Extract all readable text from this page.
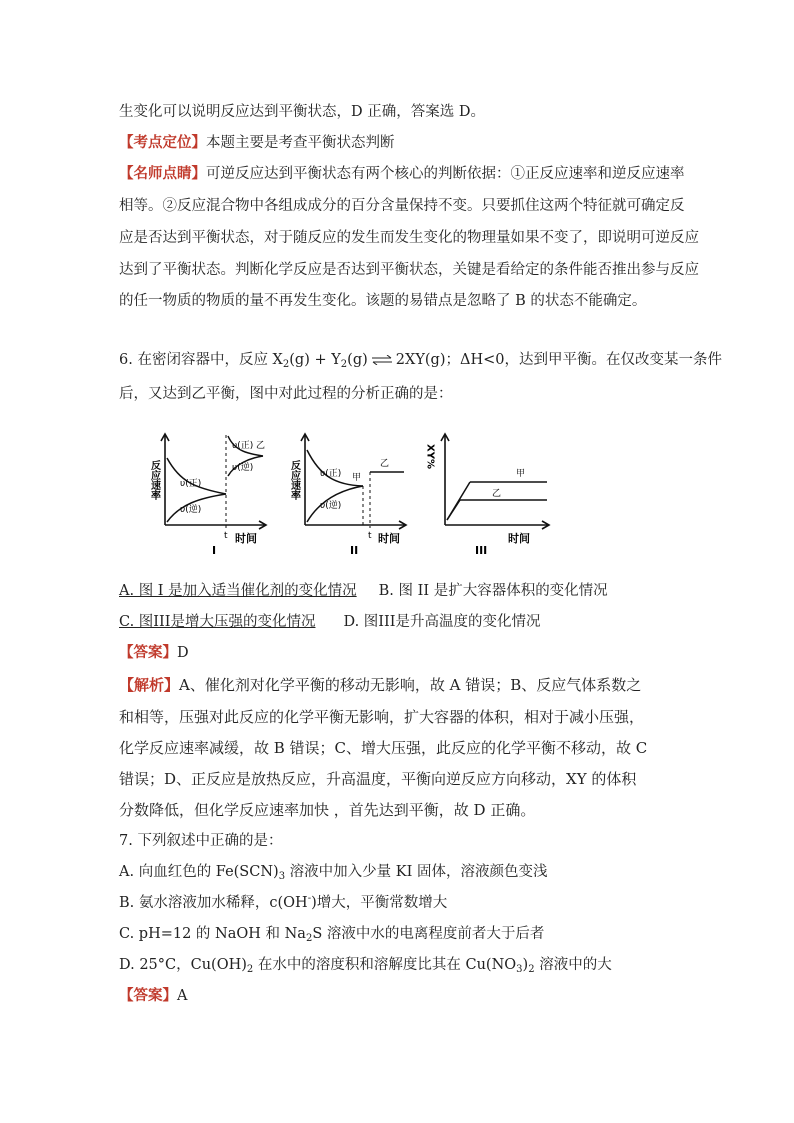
生变化可以说明反应达到平衡状态，D 正确，答案选 D。
【考点定位】本题主要是考查平衡状态判断
【名师点睛】可逆反应达到平衡状态有两个核心的判断依据：①正反应速率和逆反应速率
相等。②反应混合物中各组成成分的百分含量保持不变。只要抓住这两个特征就可确定反
应是否达到平衡状态，对于随反应的发生而发生变化的物理量如果不变了，即说明可逆反应
达到了平衡状态。判断化学反应是否达到平衡状态，关键是看给定的条件能否推出参与反应
的任一物质的物质的量不再发生变化。该题的易错点是忽略了 B 的状态不能确定。
6. 在密闭容器中，反应 $X_2(g) + Y_2(g)$ ⇌ 2XY(g)；ΔH<0，达到甲平衡。在仅改变某一条件
后，又达到乙平衡，图中对此过程的分析正确的是：
反应速率 υ(正)
υ(逆)
υ(正)
υ(逆)
乙
t 时间
I
反应速率 υ(正)
υ(逆)
甲
乙
t 时间
II
XY%
甲
乙
时间
III
A. 图 I 是加入适当催化剂的变化情况 B. 图 II 是扩大容器体积的变化情况
C. 图III是增大压强的变化情况 D. 图III是升高温度的变化情况
【答案】D
【解析】A、催化剂对化学平衡的移动无影响，故 A 错误；B、反应气体系数之
和相等，压强对此反应的化学平衡无影响，扩大容器的体积，相对于减小压强，
化学反应速率减缓，故 B 错误；C、增大压强，此反应的化学平衡不移动，故 C
错误；D、正反应是放热反应，升高温度，平衡向逆反应方向移动，XY 的体积
分数降低，但化学反应速率加快 ，首先达到平衡，故 D 正确。
7. 下列叙述中正确的是：
A. 向血红色的 $Fe(SCN)_3$ 溶液中加入少量 KI 固体，溶液颜色变浅
B. 氨水溶液加水稀释，c(OH-)增大，平衡常数增大
C. pH=12 的 NaOH 和 $Na_2S$ 溶液中水的电离程度前者大于后者
D. 25°C，$Cu(OH)_2$ 在水中的溶度积和溶解度比其在 $Cu(NO_3)_2$ 溶液中的大
【答案】A
